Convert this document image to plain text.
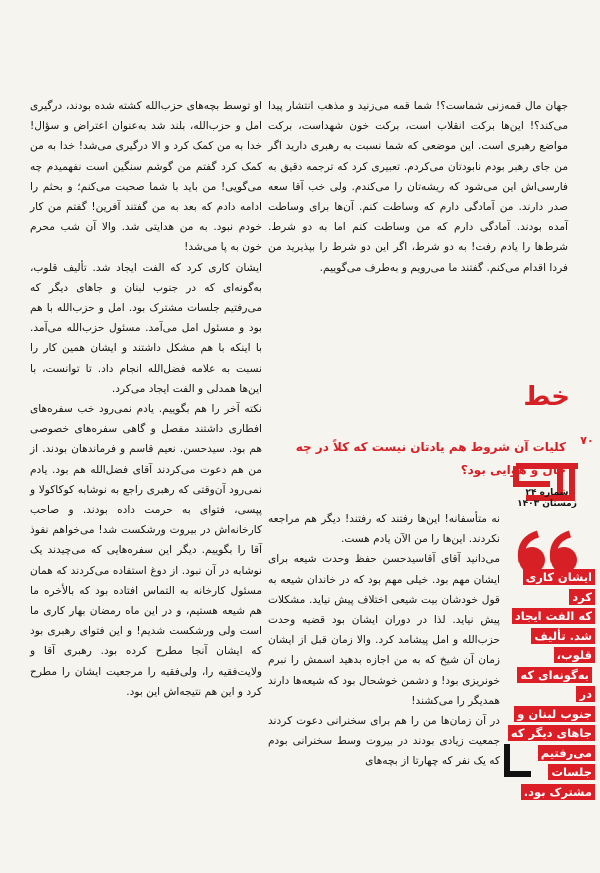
جهان مال قمه‌زنی شماست؟! شما قمه می‌زنید و مذهب انتشار پیدا می‌کند؟! این‌ها برکت انقلاب است، برکت خون شهداست، برکت مواضع رهبری است. این موضعی که شما نسبت به رهبری دارید اگر من جای رهبر بودم نابودتان می‌کردم. تعبیری کرد که ترجمه دقیق به فارسی‌اش این می‌شود که ریشه‌تان را می‌کندم. ولی خب آقا سعه صدر دارند. من آمادگی دارم که وساطت کنم. آن‌ها برای وساطت آمده بودند. آمادگی دارم که من وساطت کنم اما به دو شرط. شرط‌ها را یادم رفت! به دو شرط، اگر این دو شرط را بپذیرید من فردا اقدام می‌کنم. گفتند ما می‌رویم و به‌طرف می‌گوییم.

خط
۷۰
کلیات آن شروط هم یادتان نیست که کلاً در چه حال و هوایی بود؟
شماره ۲۴
زمستان ۱۴۰۳
ایشان کاری کرد
که الفت ایجاد
شد. تألیف قلوب،
به‌گونه‌ای که در
جنوب لبنان و
جاهای دیگر که
می‌رفتیم جلسات
مشترک بود.

نه متأسفانه! این‌ها رفتند که رفتند! دیگر هم مراجعه نکردند. این‌ها را من الآن یادم هست.

می‌دانید آقای آقاسیدحسن حفظ وحدت شیعه برای ایشان مهم بود. خیلی مهم بود که در خاندان شیعه به قول خودشان بیت شیعی اختلاف پیش نیاید. مشکلات پیش نیاید. لذا در دوران ایشان بود قضیه وحدت حزب‌الله و امل پیشامد کرد. والا زمان قبل از ایشان زمان آن شیخ که به من اجازه بدهید اسمش را نبرم خونریزی بود! و دشمن خوشحال بود که شیعه‌ها دارند همدیگر را می‌کشند!

در آن زمان‌ها من را هم برای سخنرانی دعوت کردند جمعیت زیادی بودند در بیروت وسط سخنرانی بودم که یک نفر که چهارتا از بچه‌های

او توسط بچه‌های حزب‌الله کشته شده بودند، درگیری امل و حزب‌الله، بلند شد به‌عنوان اعتراض و سؤال! خدا به من کمک کرد و الا درگیری می‌شد! خدا به من کمک کرد گفتم من گوشم سنگین است نفهمیدم چه می‌گویی! من باید با شما صحبت می‌کنم؛ و بحثم را ادامه دادم که بعد به من گفتند آفرین! گفتم من کار خودم نبود. به من هدایتی شد. والا آن شب محرم خون به پا می‌شد!

ایشان کاری کرد که الفت ایجاد شد. تألیف قلوب، به‌گونه‌ای که در جنوب لبنان و جاهای دیگر که می‌رفتیم جلسات مشترک بود. امل و حزب‌الله با هم بود و مسئول امل می‌آمد. مسئول حزب‌الله می‌آمد. با اینکه با هم مشکل داشتند و ایشان همین کار را نسبت به علامه فضل‌الله انجام داد. تا توانست، با این‌ها همدلی و الفت ایجاد می‌کرد.

نکته آخر را هم بگوییم. یادم نمی‌رود خب سفره‌های افطاری داشتند مفصل و گاهی سفره‌های خصوصی هم بود. سیدحسن. نعیم قاسم و فرماندهان بودند. از من هم دعوت می‌کردند آقای فضل‌الله هم بود. یادم نمی‌رود آن‌وقتی که رهبری راجع به نوشابه کوکاکولا و پپسی، فتوای به حرمت داده بودند. و صاحب کارخانه‌اش در بیروت ورشکست شد! می‌خواهم نفوذ آقا را بگوییم. دیگر این سفره‌هایی که می‌چیدند یک نوشابه در آن نبود. از دوغ استفاده می‌کردند که همان مسئول کارخانه به التماس افتاده بود که بالأخره ما هم شیعه هستیم، و در این ماه رمضان بهار کاری ما است ولی ورشکست شدیم! و این فتوای رهبری بود که ایشان آنجا مطرح کرده بود. رهبری آقا و ولایت‌فقیه را، ولی‌فقیه را مرجعیت ایشان را مطرح کرد و این هم نتیجه‌اش این بود.
